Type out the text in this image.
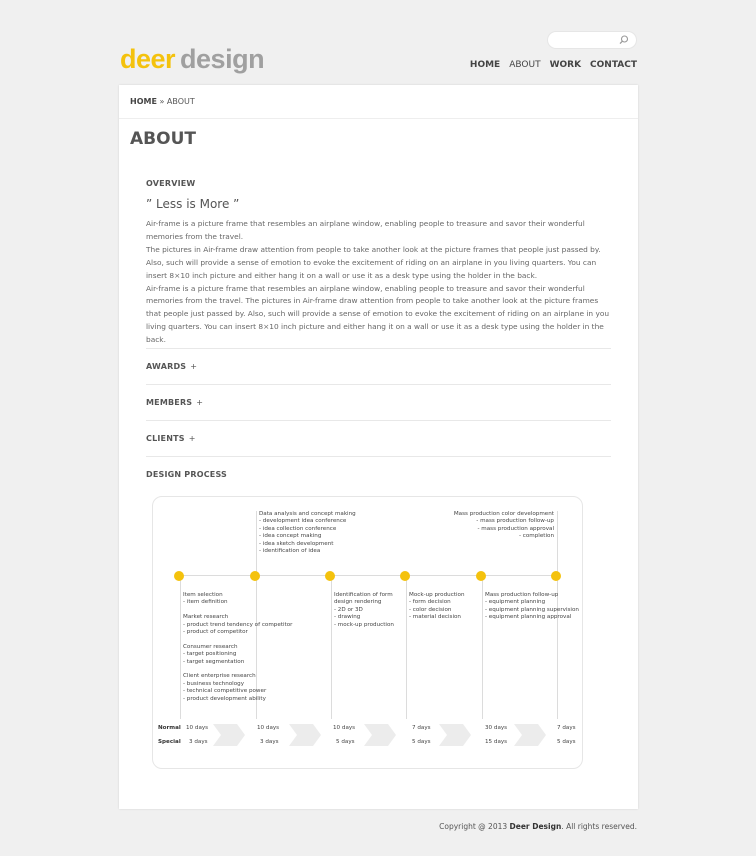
deer design	HOME ABOUT WORK CONTACT
HOME » ABOUT
ABOUT
OVERVIEW
” Less is More ”
Air-frame is a picture frame that resembles an airplane window, enabling people to treasure and savor their wonderful memories from the travel.
The pictures in Air-frame draw attention from people to take another look at the picture frames that people just passed by. Also, such will provide a sense of emotion to evoke the excitement of riding on an airplane in you living quarters. You can insert 8×10 inch picture and either hang it on a wall or use it as a desk type using the holder in the back.
Air-frame is a picture frame that resembles an airplane window, enabling people to treasure and savor their wonderful memories from the travel. The pictures in Air-frame draw attention from people to take another look at the picture frames that people just passed by. Also, such will provide a sense of emotion to evoke the excitement of riding on an airplane in you living quarters. You can insert 8×10 inch picture and either hang it on a wall or use it as a desk type using the holder in the back.
AWARDS +
MEMBERS +
CLIENTS +
DESIGN PROCESS
Data analysis and concept making
- development idea conference
- idea collection conference
- idea concept making
- idea sketch development
- identification of idea
Mass production color development
- mass production follow-up
- mass production approval
- completion
Item selection
- item definition

Market research
- product trend tendency of competitor
- product of competitor

Consumer research
- target positioning
- target segmentation

Client enterprise research
- business technology
- technical competitive power
- product development ability
Identification of form
design rendering
- 2D or 3D
- drawing
- mock-up production
Mock-up production
- form decision
- color decision
- material decision
Mass production follow-up
- equipment planning
- equipment planning supervision
- equipment planning approval
Normal
Special
10 days	10 days	10 days	7 days	30 days	7 days
3 days	3 days	5 days	5 days	15 days	5 days
Copyright @ 2013 Deer Design. All rights reserved.
